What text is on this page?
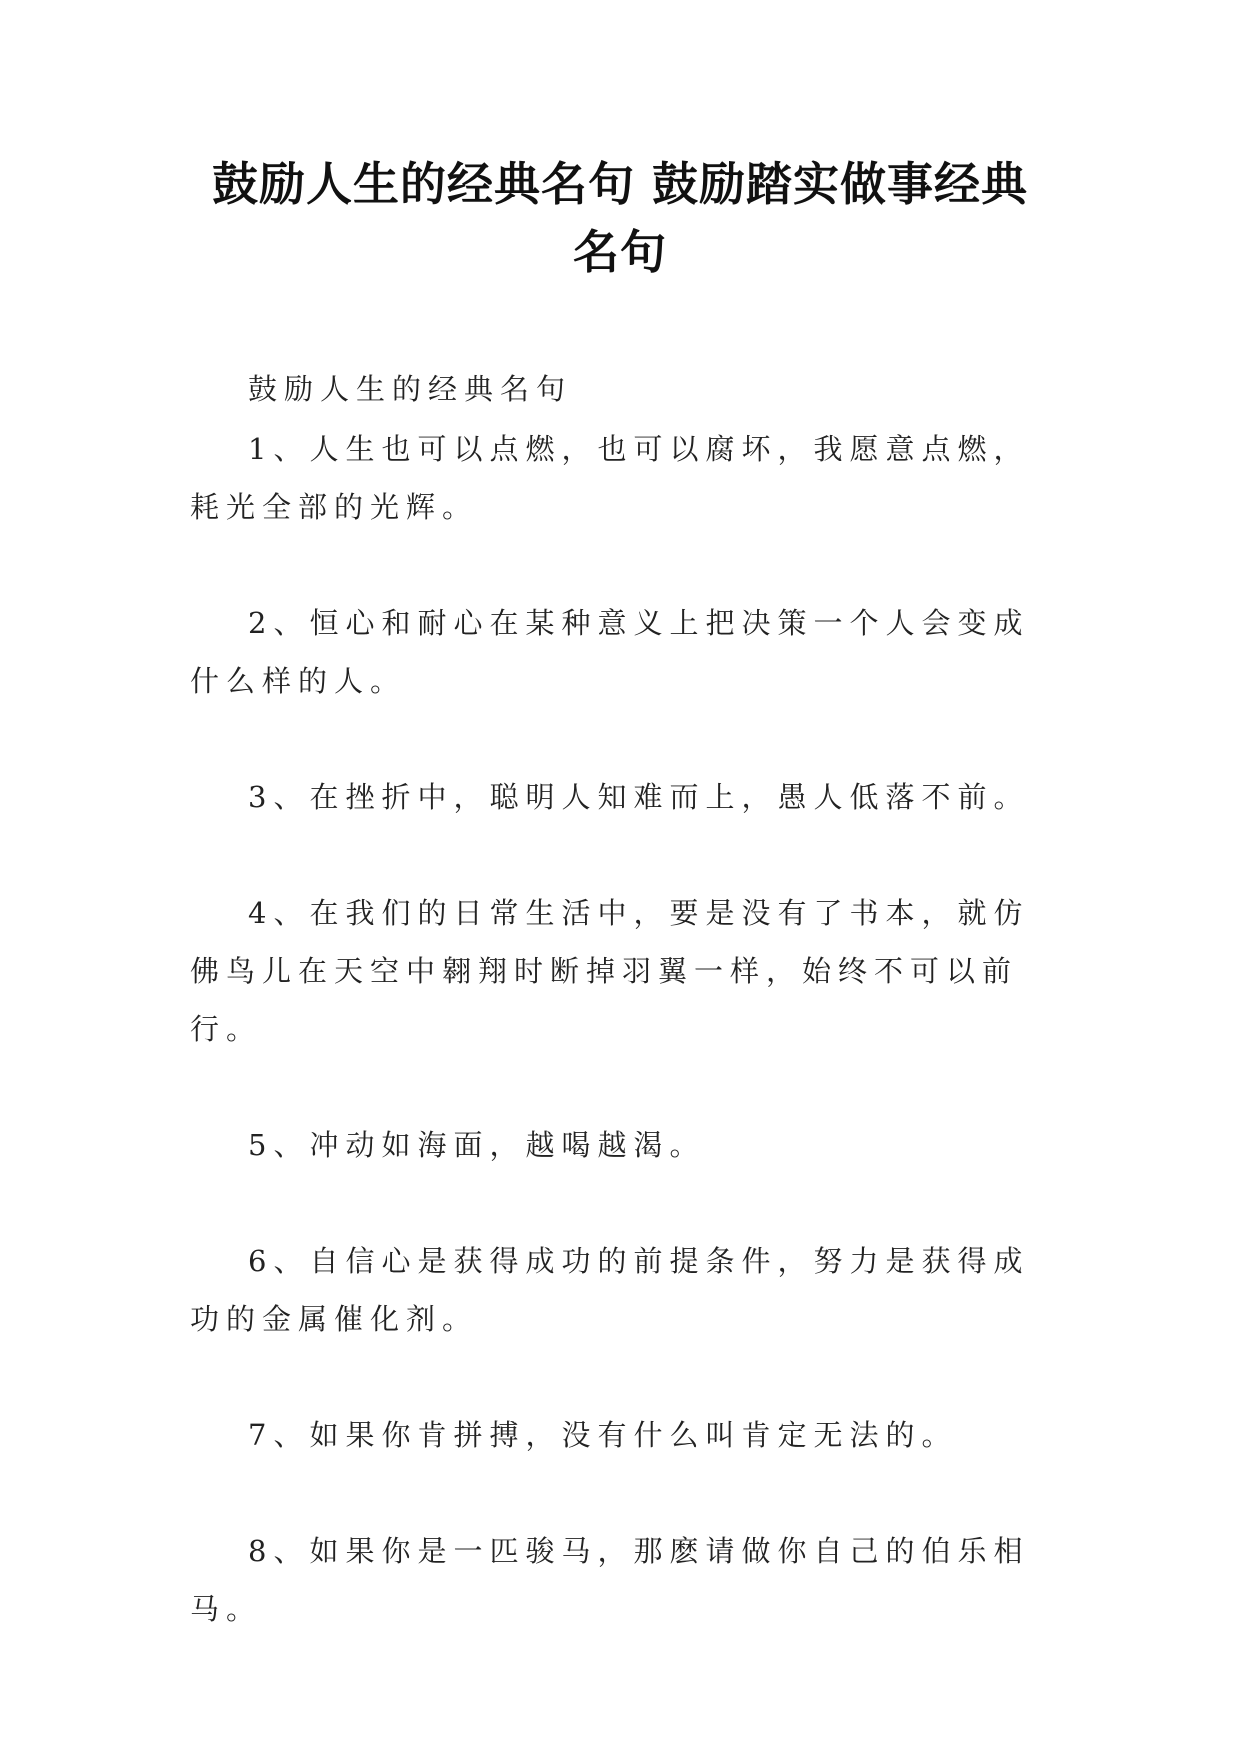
鼓励人生的经典名句 鼓励踏实做事经典名句

鼓励人生的经典名句

1、人生也可以点燃，也可以腐坏，我愿意点燃，耗光全部的光辉。

2、恒心和耐心在某种意义上把决策一个人会变成什么样的人。

3、在挫折中，聪明人知难而上，愚人低落不前。

4、在我们的日常生活中，要是没有了书本，就仿佛鸟儿在天空中翱翔时断掉羽翼一样，始终不可以前行。

5、冲动如海面，越喝越渴。

6、自信心是获得成功的前提条件，努力是获得成功的金属催化剂。

7、如果你肯拼搏，没有什么叫肯定无法的。

8、如果你是一匹骏马，那麽请做你自己的伯乐相马。
